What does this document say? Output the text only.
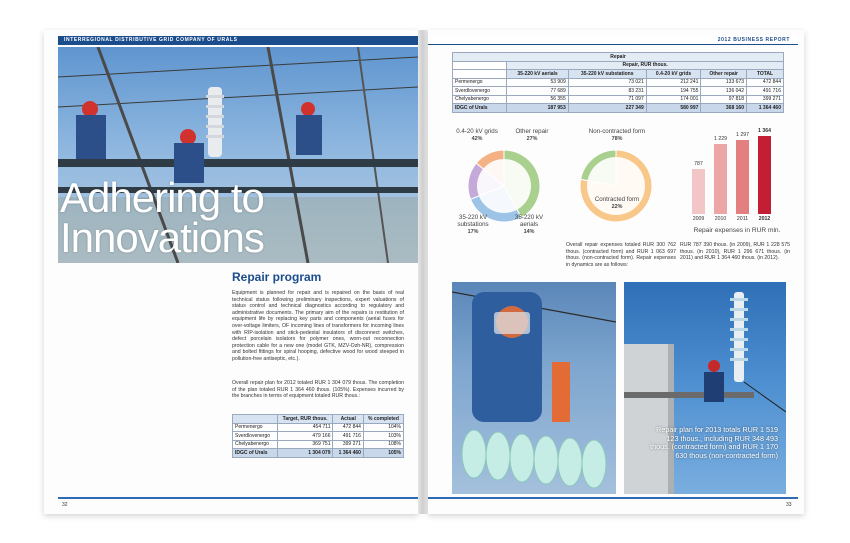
INTERREGIONAL DISTRIBUTIVE GRID COMPANY OF URALS	2012 BUSINESS REPORT
Adhering to
Innovations
Repair program
Equipment is planned for repair and is repaired on the basis of real technical status following preliminary inspections, expert valuations of status control and technical diagnostics according to regulatory and administrative documents. The primary aim of the repairs is restitution of equipment life by replacing key parts and components (aerial fuses for over-voltage limiters, OF incoming lines of transformers for incoming lines with RIP-isolation and stick-pedestal insulators of disconnect switches, defect porcelain isolators for polymer ones, worn-out reconnection protection cable for a new one (model GTK, MZV-Ozh-NR), compression and bolted fittings for spiral hooping, defective wood for wood steeped in pollution-free antiseptic, etc.).
Overall repair plan for 2012 totaled RUR 1 304 079 thous. The completion of the plan totaled RUR 1 364 460 thous. (105%). Expenses incurred by the branches in terms of equipment totaled RUR thous.:
	Target, RUR thous.	Actual	% completed
Permenergo	454 711	472 844	104%
Sverdlovenergo	479 166	491 716	103%
Chelyabenergo	369 751	399 271	108%
IDGC of Urals	1 304 079	1 364 460	105%
32	33
Repair					
	Repair, RUR thous.				
	35-220 kV aerials	35-220 kV substations	0.4-20 kV grids	Other repair	TOTAL
Permenergo	53 909	73 021	212 241	133 673	472 844
Sverdlovenergo	77 689	83 231	194 755	136 042	491 716
Chelyabenergo	56 355	71 097	174 001	97 818	399 271
IDGC of Urals	187 953	227 349	580 997	368 160	1 364 460
0.4-20 kV grids
42%
Other repair
27%
35-220 kV substations
17%
35-220 kV aerials
14%
Non-contracted form
78%
Contracted form
22%
787
2009
1 229
2010
1 297
2011
1 364
2012
Repair expenses in RUR mln.
Overall repair expenses totaled RUR 300 762 thous. (contracted form) and RUR 1 063 697 thous. (non-contracted form). Repair expenses in dynamics are as follows:
RUR 787 390 thous. (in 2009), RUR 1 228 575 thous. (in 2010), RUR 1 296 671 thous. (in 2011) and RUR 1 364 460 thous. (in 2012).
Repair plan for 2013 totals RUR 1 519 123 thous., including RUR 348 493 thous. (contracted form) and RUR 1 170 630 thous (non-contracted form)
